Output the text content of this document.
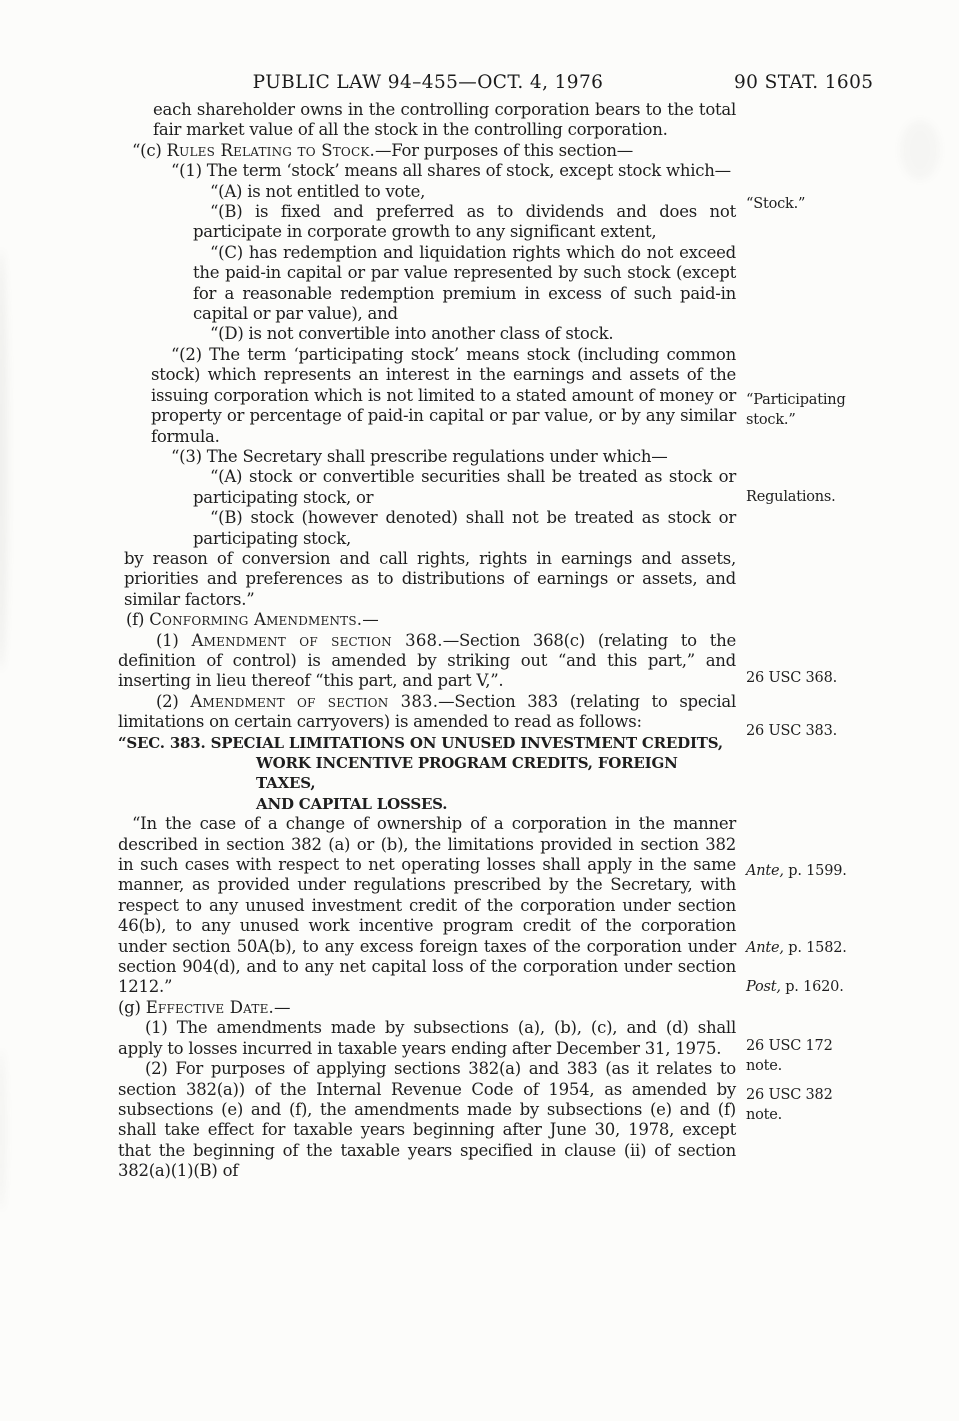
PUBLIC LAW 94–455—OCT. 4, 1976	90 STAT. 1605

each shareholder owns in the controlling corporation bears to the total fair market value of all the stock in the controlling corporation.

“(c) Rules Relating to Stock.—For purposes of this section—

“(1) The term ‘stock’ means all shares of stock, except stock which—

“(A) is not entitled to vote,

“(B) is fixed and preferred as to dividends and does not participate in corporate growth to any significant extent,

“(C) has redemption and liquidation rights which do not exceed the paid-in capital or par value represented by such stock (except for a reasonable redemption premium in excess of such paid-in capital or par value), and

“(D) is not convertible into another class of stock.

“(2) The term ‘participating stock’ means stock (including common stock) which represents an interest in the earnings and assets of the issuing corporation which is not limited to a stated amount of money or property or percentage of paid-in capital or par value, or by any similar formula.

“(3) The Secretary shall prescribe regulations under which—

“(A) stock or convertible securities shall be treated as stock or participating stock, or

“(B) stock (however denoted) shall not be treated as stock or participating stock,

by reason of conversion and call rights, rights in earnings and assets, priorities and preferences as to distributions of earnings or assets, and similar factors.”

(f) Conforming Amendments.—

(1) Amendment of section 368.—Section 368(c) (relating to the definition of control) is amended by striking out “and this part,” and inserting in lieu thereof “this part, and part V,”.

(2) Amendment of section 383.—Section 383 (relating to special limitations on certain carryovers) is amended to read as follows:

“SEC. 383. SPECIAL LIMITATIONS ON UNUSED INVESTMENT CREDITS,
WORK INCENTIVE PROGRAM CREDITS, FOREIGN TAXES,
AND CAPITAL LOSSES.

“In the case of a change of ownership of a corporation in the manner described in section 382 (a) or (b), the limitations provided in section 382 in such cases with respect to net operating losses shall apply in the same manner, as provided under regulations prescribed by the Secretary, with respect to any unused investment credit of the corporation under section 46(b), to any unused work incentive program credit of the corporation under section 50A(b), to any excess foreign taxes of the corporation under section 904(d), and to any net capital loss of the corporation under section 1212.”

(g) Effective Date.—

(1) The amendments made by subsections (a), (b), (c), and (d) shall apply to losses incurred in taxable years ending after December 31, 1975.

(2) For purposes of applying sections 382(a) and 383 (as it relates to section 382(a)) of the Internal Revenue Code of 1954, as amended by subsections (e) and (f), the amendments made by subsections (e) and (f) shall take effect for taxable years beginning after June 30, 1978, except that the beginning of the taxable years specified in clause (ii) of section 382(a)(1)(B) of

“Stock.”
“Participating stock.”
Regulations.
26 USC 368.
26 USC 383.
Ante, p. 1599.
Ante, p. 1582.
Post, p. 1620.
26 USC 172 note.
26 USC 382 note.
